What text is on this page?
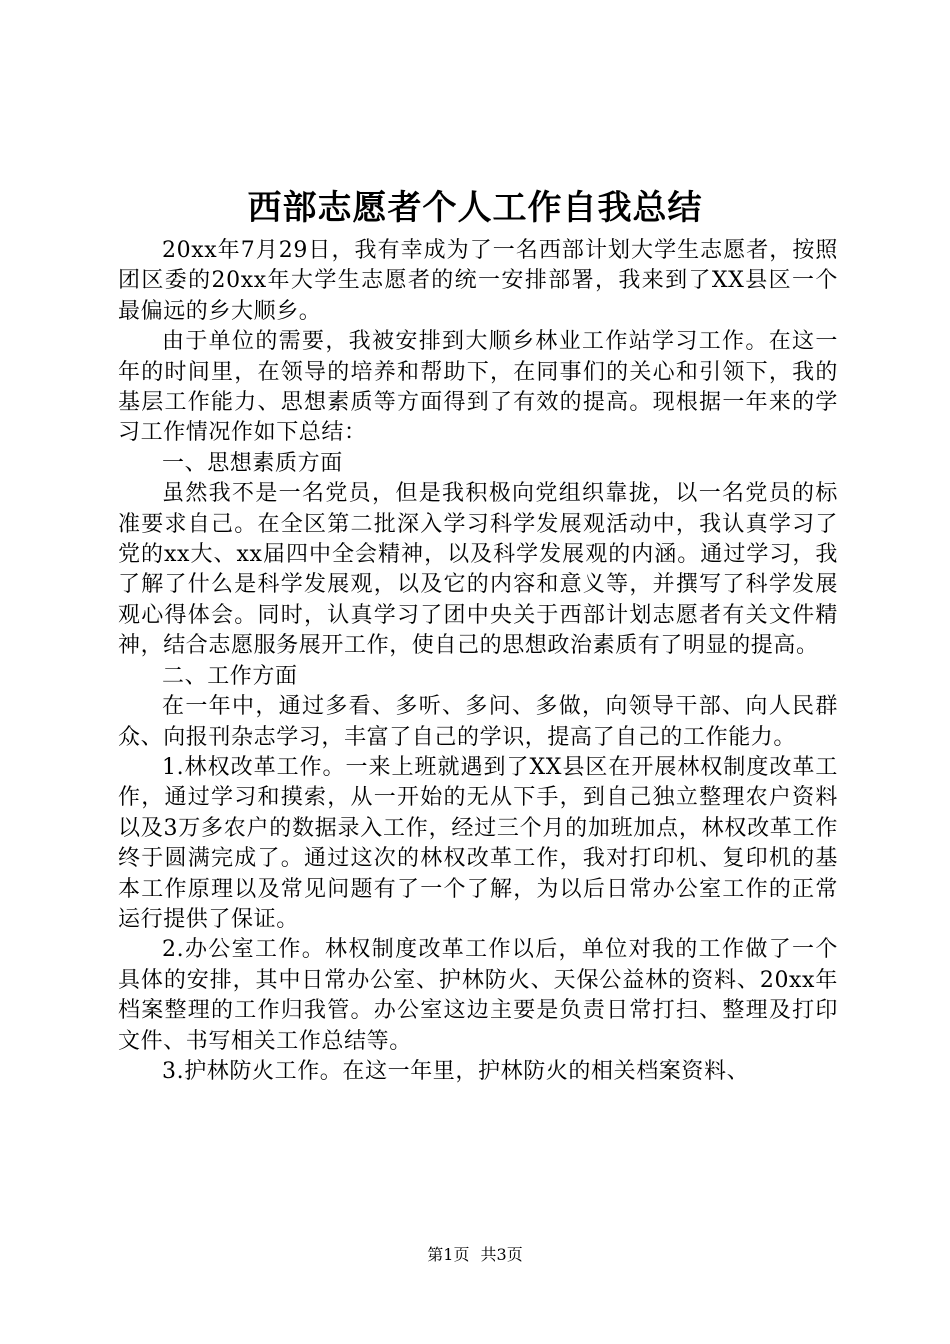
西部志愿者个人工作自我总结

20xx年7月29日，我有幸成为了一名西部计划大学生志愿者，按照团区委的20xx年大学生志愿者的统一安排部署，我来到了XX县区一个最偏远的乡大顺乡。

由于单位的需要，我被安排到大顺乡林业工作站学习工作。在这一年的时间里，在领导的培养和帮助下，在同事们的关心和引领下，我的基层工作能力、思想素质等方面得到了有效的提高。现根据一年来的学习工作情况作如下总结：

一、思想素质方面

虽然我不是一名党员，但是我积极向党组织靠拢，以一名党员的标准要求自己。在全区第二批深入学习科学发展观活动中，我认真学习了党的xx大、xx届四中全会精神，以及科学发展观的内涵。通过学习，我了解了什么是科学发展观，以及它的内容和意义等，并撰写了科学发展观心得体会。同时，认真学习了团中央关于西部计划志愿者有关文件精神，结合志愿服务展开工作，使自己的思想政治素质有了明显的提高。

二、工作方面

在一年中，通过多看、多听、多问、多做，向领导干部、向人民群众、向报刊杂志学习，丰富了自己的学识，提高了自己的工作能力。

1.林权改革工作。一来上班就遇到了XX县区在开展林权制度改革工作，通过学习和摸索，从一开始的无从下手，到自己独立整理农户资料以及3万多农户的数据录入工作，经过三个月的加班加点，林权改革工作终于圆满完成了。通过这次的林权改革工作，我对打印机、复印机的基本工作原理以及常见问题有了一个了解，为以后日常办公室工作的正常运行提供了保证。

2.办公室工作。林权制度改革工作以后，单位对我的工作做了一个具体的安排，其中日常办公室、护林防火、天保公益林的资料、20xx年档案整理的工作归我管。办公室这边主要是负责日常打扫、整理及打印文件、书写相关工作总结等。

3.护林防火工作。在这一年里，护林防火的相关档案资料、

第1页 共3页
